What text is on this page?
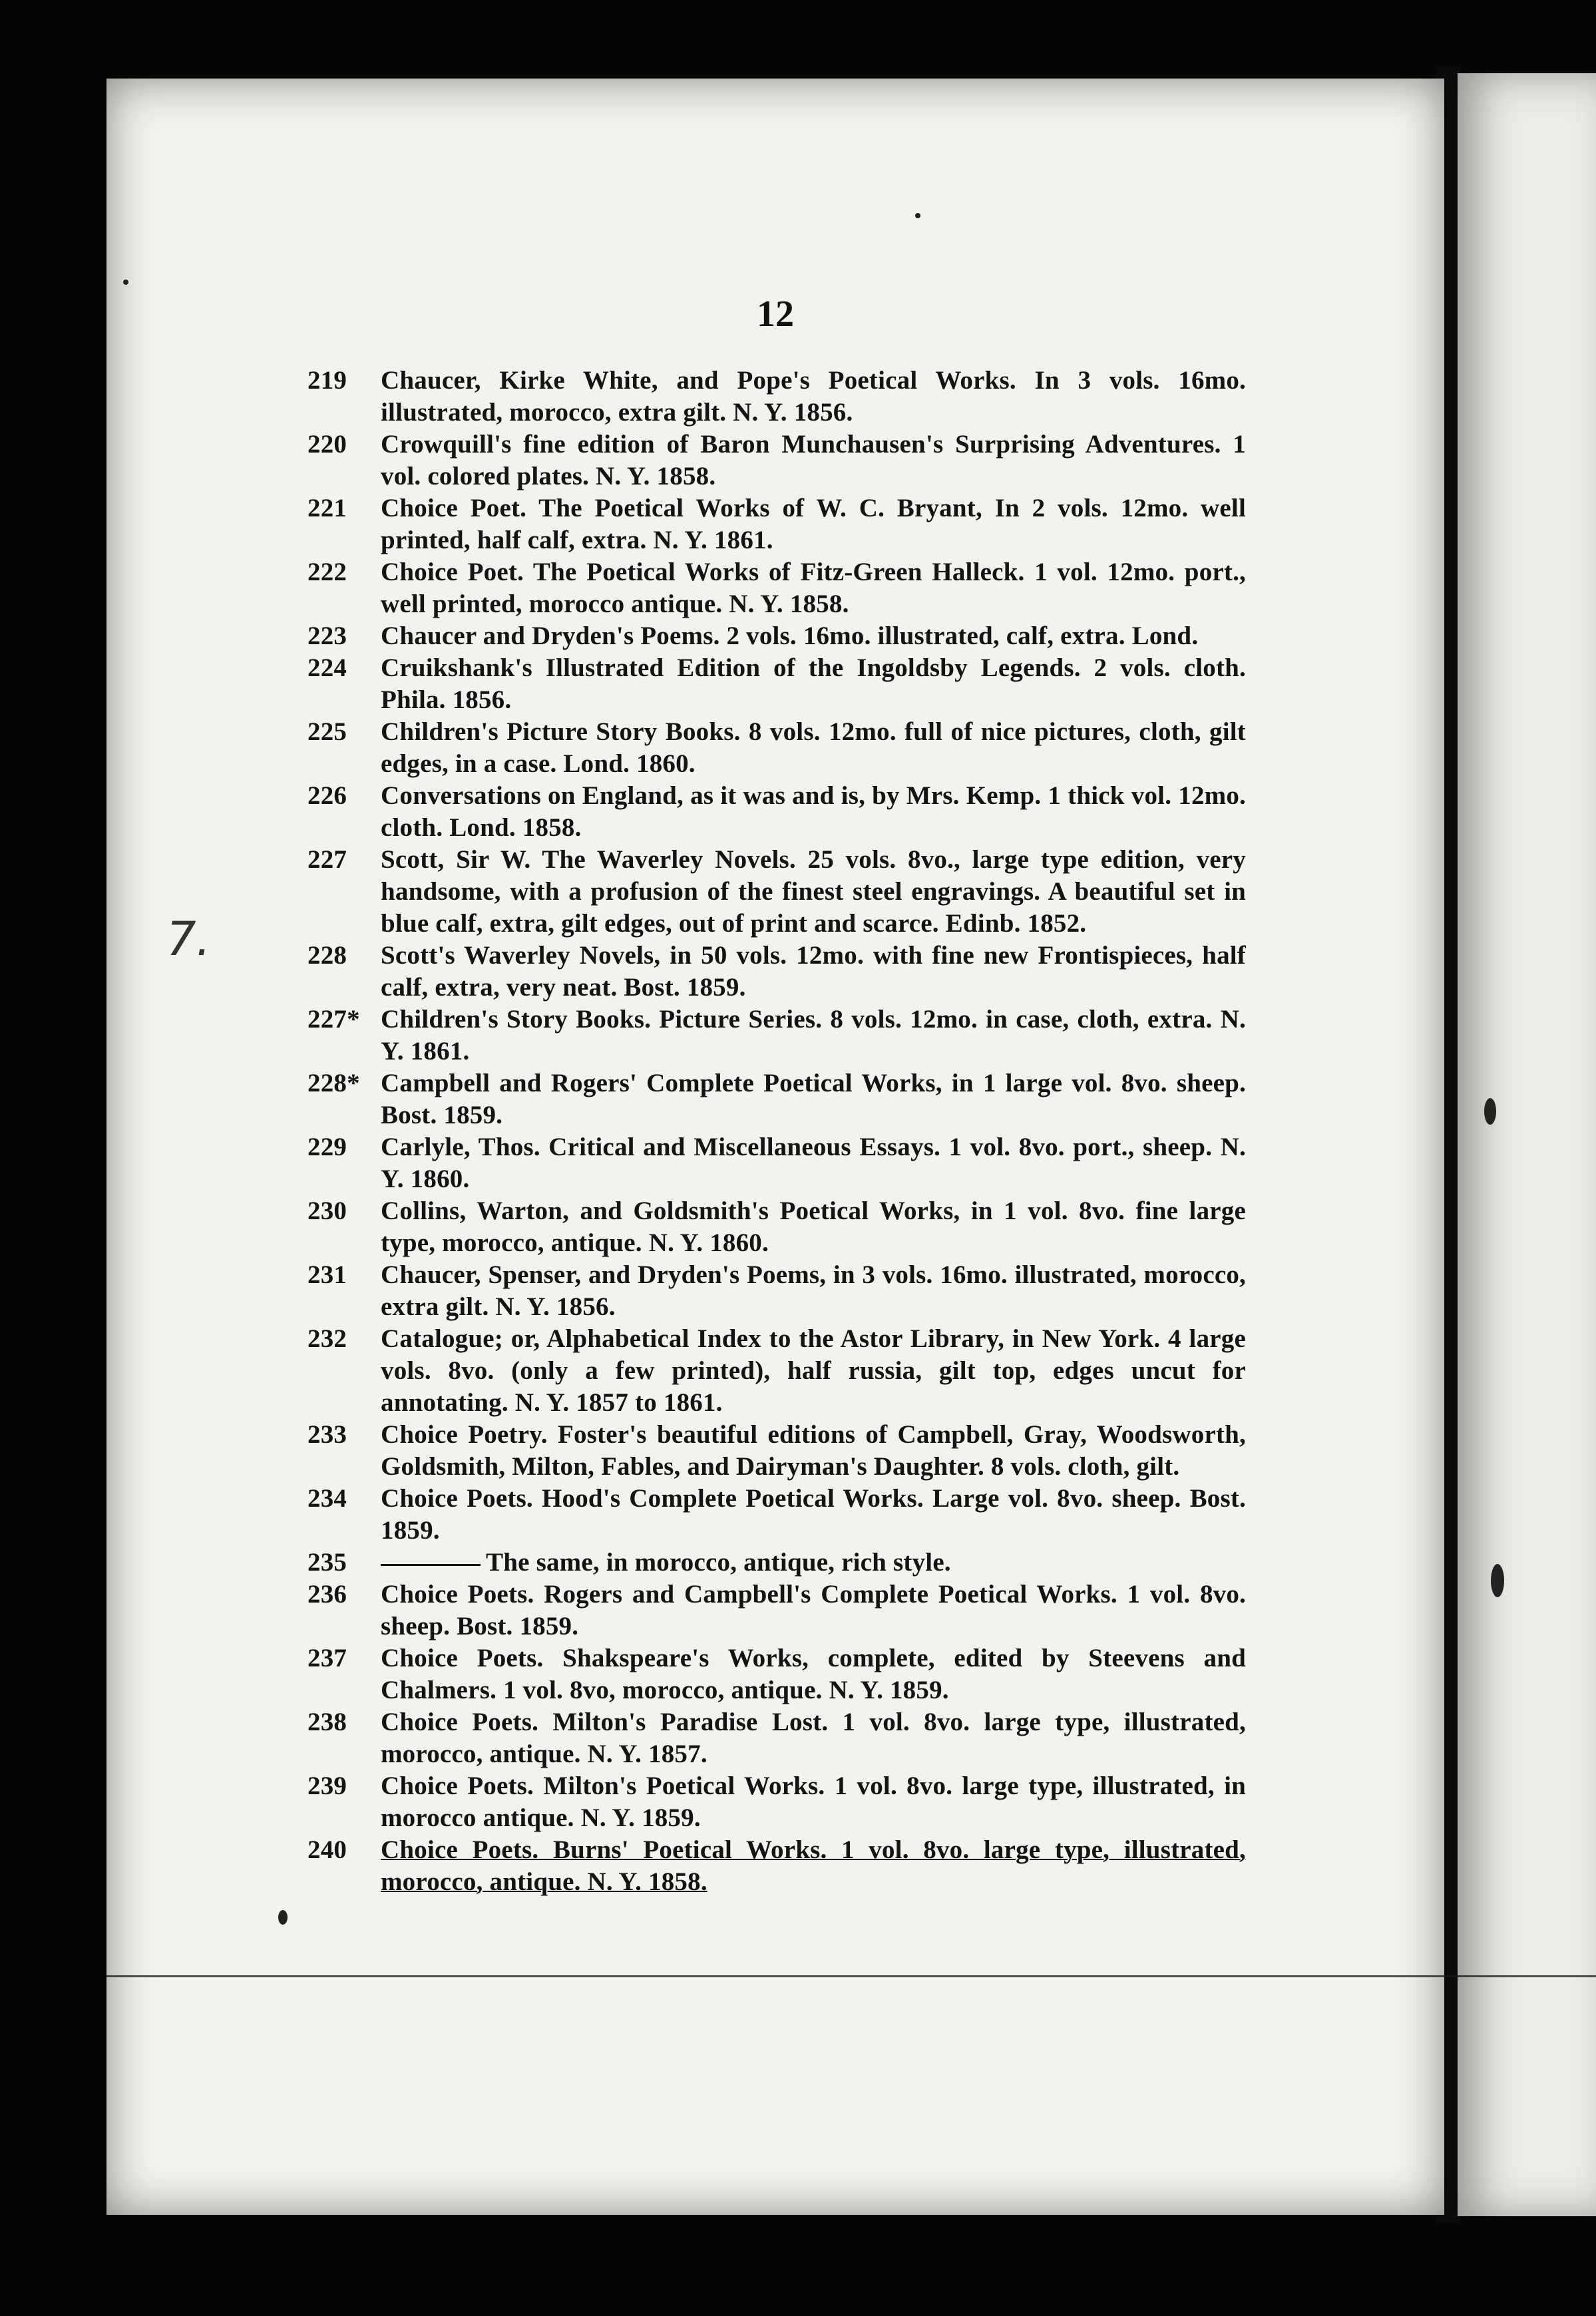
12
7.
219	Chaucer, Kirke White, and Pope's Poetical Works. In 3 vols. 16mo. illustrated, morocco, extra gilt. N. Y. 1856.
220	Crowquill's fine edition of Baron Munchausen's Surprising Adventures. 1 vol. colored plates. N. Y. 1858.
221	Choice Poet. The Poetical Works of W. C. Bryant, In 2 vols. 12mo. well printed, half calf, extra. N. Y. 1861.
222	Choice Poet. The Poetical Works of Fitz-Green Halleck. 1 vol. 12mo. port., well printed, morocco antique. N. Y. 1858.
223	Chaucer and Dryden's Poems. 2 vols. 16mo. illustrated, calf, extra. Lond.
224	Cruikshank's Illustrated Edition of the Ingoldsby Legends. 2 vols. cloth. Phila. 1856.
225	Children's Picture Story Books. 8 vols. 12mo. full of nice pictures, cloth, gilt edges, in a case. Lond. 1860.
226	Conversations on England, as it was and is, by Mrs. Kemp. 1 thick vol. 12mo. cloth. Lond. 1858.
227	Scott, Sir W. The Waverley Novels. 25 vols. 8vo., large type edition, very handsome, with a profusion of the finest steel engravings. A beautiful set in blue calf, extra, gilt edges, out of print and scarce. Edinb. 1852.
228	Scott's Waverley Novels, in 50 vols. 12mo. with fine new Frontispieces, half calf, extra, very neat. Bost. 1859.
227* Children's Story Books. Picture Series. 8 vols. 12mo. in case, cloth, extra. N. Y. 1861.
228* Campbell and Rogers' Complete Poetical Works, in 1 large vol. 8vo. sheep. Bost. 1859.
229	Carlyle, Thos. Critical and Miscellaneous Essays. 1 vol. 8vo. port., sheep. N. Y. 1860.
230	Collins, Warton, and Goldsmith's Poetical Works, in 1 vol. 8vo. fine large type, morocco, antique. N. Y. 1860.
231	Chaucer, Spenser, and Dryden's Poems, in 3 vols. 16mo. illustrated, morocco, extra gilt. N. Y. 1856.
232	Catalogue; or, Alphabetical Index to the Astor Library, in New York. 4 large vols. 8vo. (only a few printed), half russia, gilt top, edges uncut for annotating. N. Y. 1857 to 1861.
233	Choice Poetry. Foster's beautiful editions of Campbell, Gray, Woodsworth, Goldsmith, Milton, Fables, and Dairyman's Daughter. 8 vols. cloth, gilt.
234	Choice Poets. Hood's Complete Poetical Works. Large vol. 8vo. sheep. Bost. 1859.
235	The same, in morocco, antique, rich style.
236	Choice Poets. Rogers and Campbell's Complete Poetical Works. 1 vol. 8vo. sheep. Bost. 1859.
237	Choice Poets. Shakspeare's Works, complete, edited by Steevens and Chalmers. 1 vol. 8vo, morocco, antique. N. Y. 1859.
238	Choice Poets. Milton's Paradise Lost. 1 vol. 8vo. large type, illustrated, morocco, antique. N. Y. 1857.
239	Choice Poets. Milton's Poetical Works. 1 vol. 8vo. large type, illustrated, in morocco antique. N. Y. 1859.
240	Choice Poets. Burns' Poetical Works. 1 vol. 8vo. large type, illustrated, morocco, antique. N. Y. 1858.
